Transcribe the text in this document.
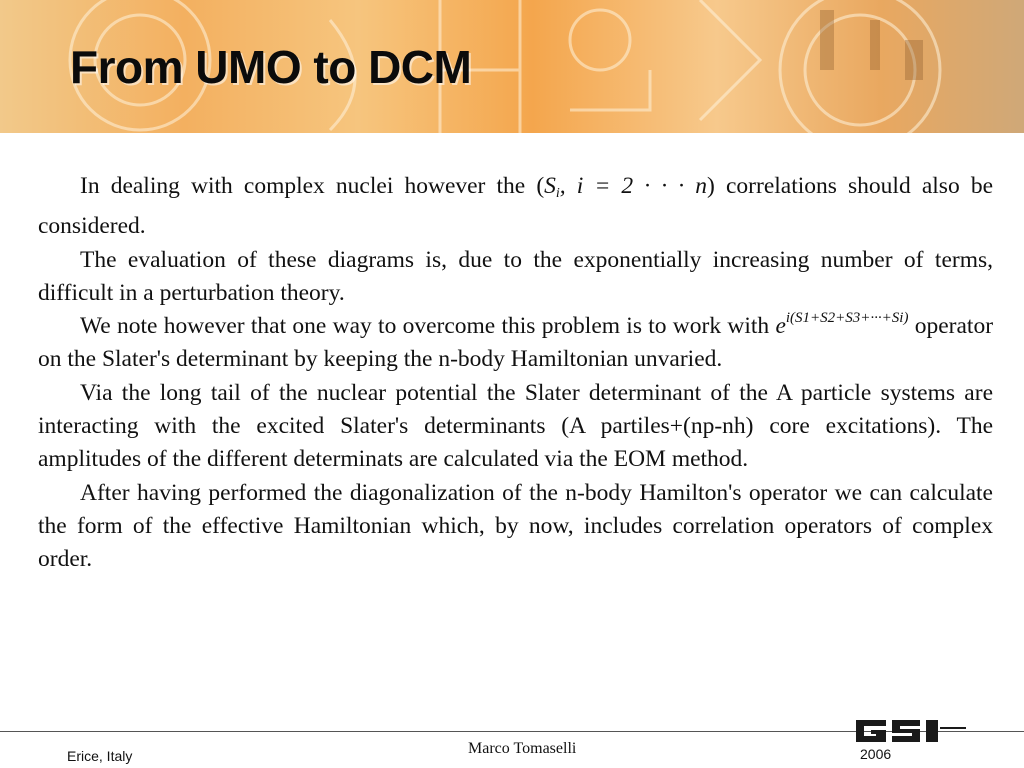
From UMO to DCM

In dealing with complex nuclei however the ($S_i$, i = 2 · · · n) correlations should also be considered.

The evaluation of these diagrams is, due to the exponentially increasing number of terms, difficult in a perturbation theory.

We note however that one way to overcome this problem is to work with $e^{i(S1+S2+S3+\cdot\cdot\cdot+Si)}$ operator on the Slater's determinant by keeping the n-body Hamiltonian unvaried.

Via the long tail of the nuclear potential the Slater determinant of the A particle systems are interacting with the excited Slater's determinants (A partiles+(np-nh) core excitations). The amplitudes of the different determinats are calculated via the EOM method.

After having performed the diagonalization of the n-body Hamilton's operator we can calculate the form of the effective Hamiltonian which, by now, includes correlation operators of complex order.

Erice, Italy	Marco Tomaselli	2006
